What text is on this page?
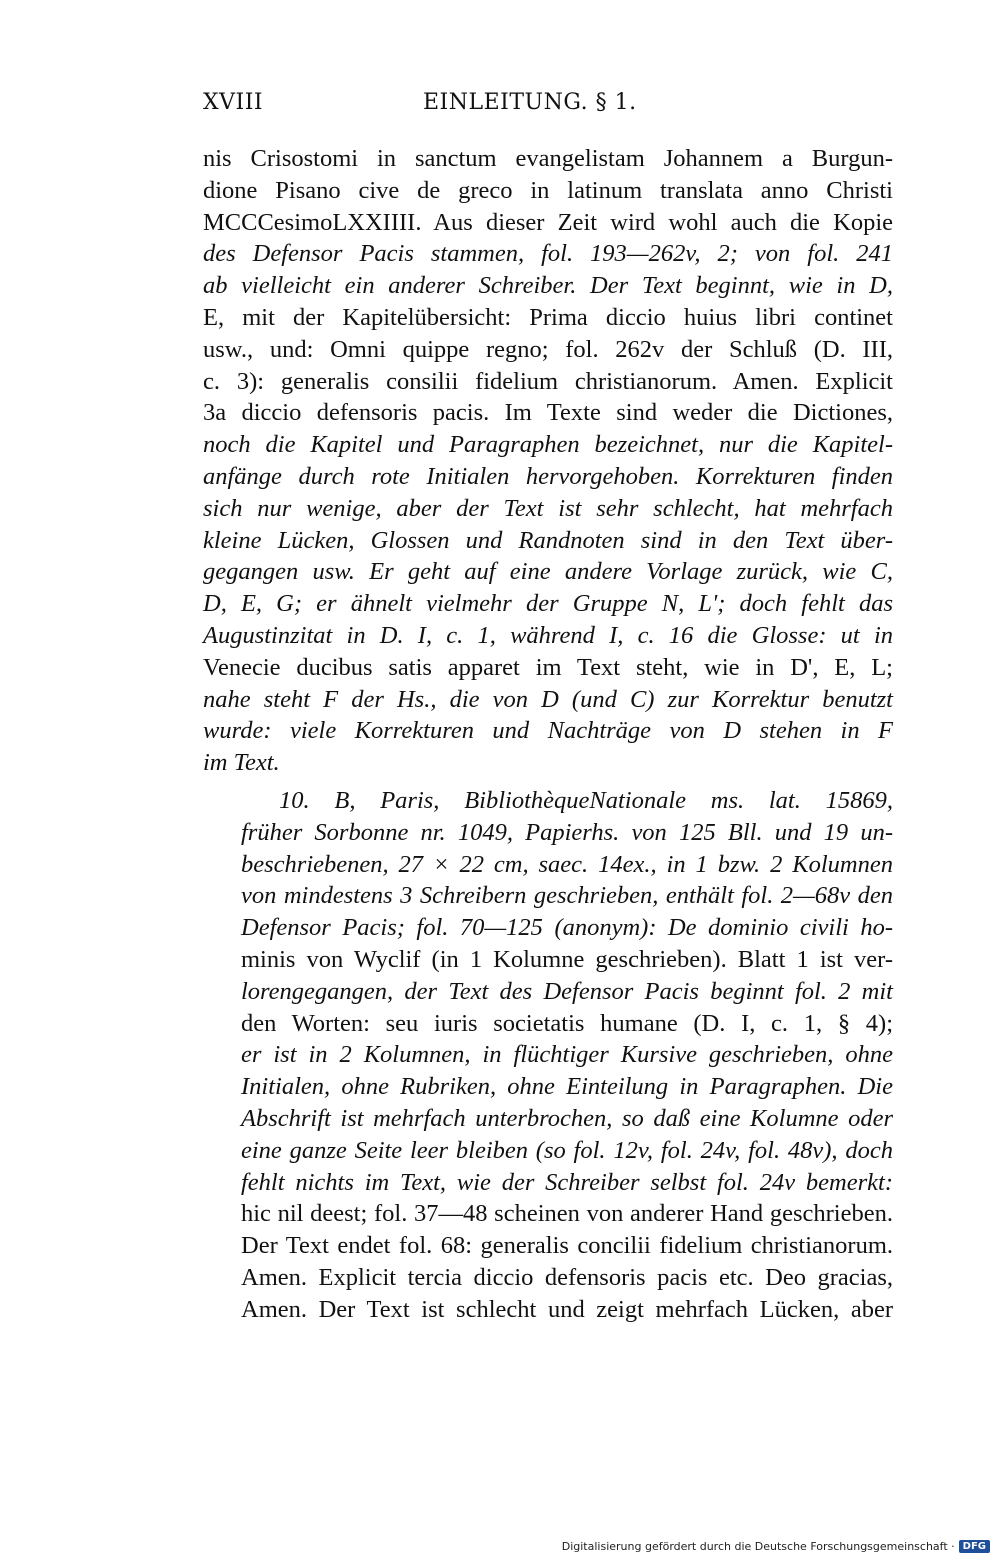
XVIII	EINLEITUNG. § 1.

nis Crisostomi in sanctum evangelistam Johannem a Burgun-
dione Pisano cive de greco in latinum translata anno Christi
MCCCesimoLXXIIII. Aus dieser Zeit wird wohl auch die Kopie
des Defensor Pacis stammen, fol. 193—262v, 2; von fol. 241
ab vielleicht ein anderer Schreiber. Der Text beginnt, wie in D,
E, mit der Kapitelübersicht: Prima diccio huius libri continet
usw., und: Omni quippe regno; fol. 262v der Schluß (D. III,
c. 3): generalis consilii fidelium christianorum. Amen. Explicit
3a diccio defensoris pacis. Im Texte sind weder die Dictiones,
noch die Kapitel und Paragraphen bezeichnet, nur die Kapitel-
anfänge durch rote Initialen hervorgehoben. Korrekturen finden
sich nur wenige, aber der Text ist sehr schlecht, hat mehrfach
kleine Lücken, Glossen und Randnoten sind in den Text über-
gegangen usw. Er geht auf eine andere Vorlage zurück, wie C,
D, E, G; er ähnelt vielmehr der Gruppe N, L'; doch fehlt das
Augustinzitat in D. I, c. 1, während I, c. 16 die Glosse: ut in
Venecie ducibus satis apparet im Text steht, wie in D', E, L;
nahe steht F der Hs., die von D (und C) zur Korrektur benutzt
wurde: viele Korrekturen und Nachträge von D stehen in F
im Text.

10. B, Paris, BibliothèqueNationale ms. lat. 15869,
früher Sorbonne nr. 1049, Papierhs. von 125 Bll. und 19 un-
beschriebenen, 27 × 22 cm, saec. 14ex., in 1 bzw. 2 Kolumnen
von mindestens 3 Schreibern geschrieben, enthält fol. 2—68v den
Defensor Pacis; fol. 70—125 (anonym): De dominio civili ho-
minis von Wyclif (in 1 Kolumne geschrieben). Blatt 1 ist ver-
lorengegangen, der Text des Defensor Pacis beginnt fol. 2 mit
den Worten: seu iuris societatis humane (D. I, c. 1, § 4);
er ist in 2 Kolumnen, in flüchtiger Kursive geschrieben, ohne
Initialen, ohne Rubriken, ohne Einteilung in Paragraphen. Die
Abschrift ist mehrfach unterbrochen, so daß eine Kolumne oder
eine ganze Seite leer bleiben (so fol. 12v, fol. 24v, fol. 48v), doch
fehlt nichts im Text, wie der Schreiber selbst fol. 24v bemerkt:
hic nil deest; fol. 37—48 scheinen von anderer Hand geschrieben.
Der Text endet fol. 68: generalis concilii fidelium christianorum.
Amen. Explicit tercia diccio defensoris pacis etc. Deo gracias,
Amen. Der Text ist schlecht und zeigt mehrfach Lücken, aber

Digitalisierung gefördert durch die Deutsche Forschungsgemeinschaft · DFG
